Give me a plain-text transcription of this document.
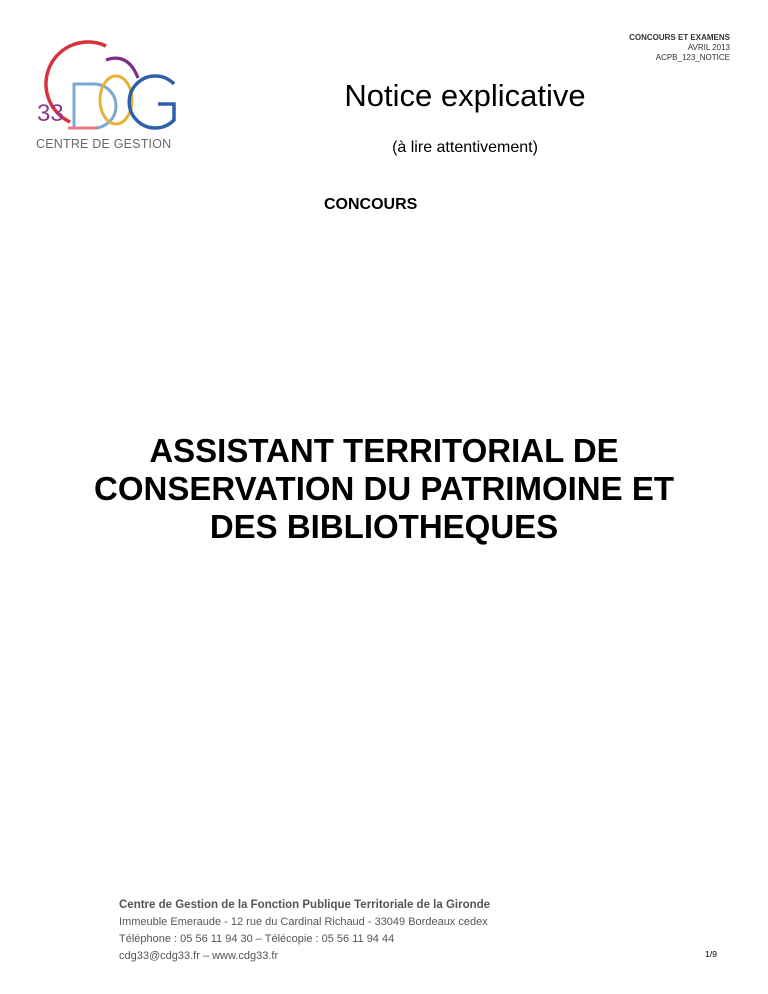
33
CENTRE DE GESTION
CONCOURS ET EXAMENS
AVRIL 2013
ACPB_123_NOTICE
Notice explicative
(à lire attentivement)
CONCOURS
ASSISTANT TERRITORIAL DE
CONSERVATION DU PATRIMOINE ET
DES BIBLIOTHEQUES
Centre de Gestion de la Fonction Publique Territoriale de la Gironde
Immeuble Emeraude - 12 rue du Cardinal Richaud - 33049 Bordeaux cedex
Téléphone : 05 56 11 94 30 – Télécopie : 05 56 11 94 44
cdg33@cdg33.fr – www.cdg33.fr	1/9
